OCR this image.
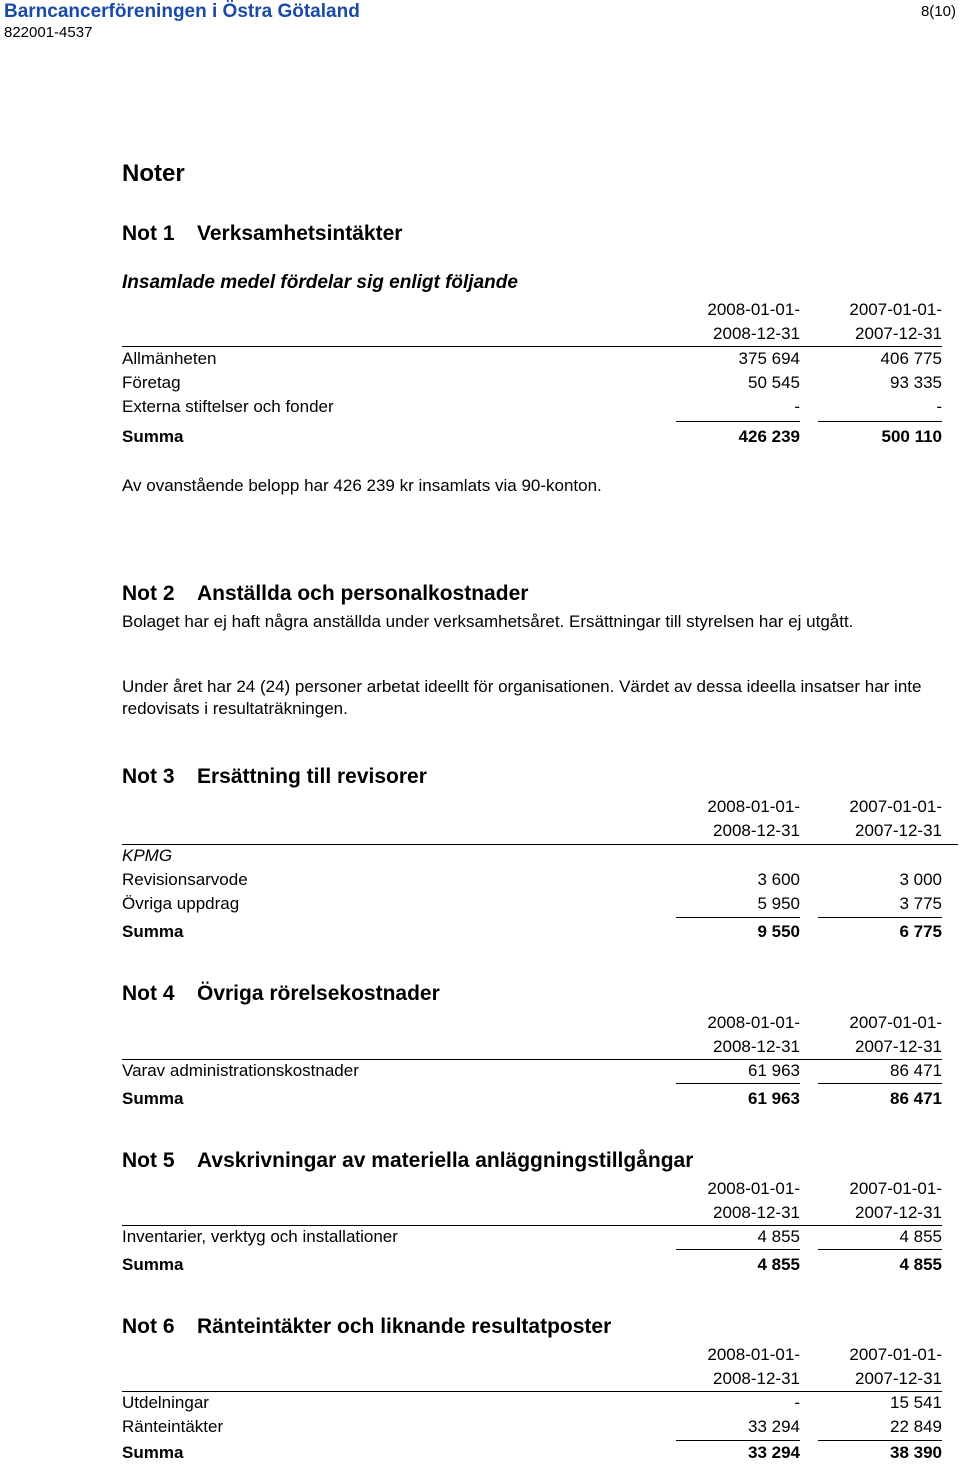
Barncancerföreningen i Östra Götaland
822001-4537
8(10)
Noter
Not 1 Verksamhetsintäkter
Insamlade medel fördelar sig enligt följande
2008-01-01-	2007-01-01-
2008-12-31	2007-12-31
Allmänheten	375 694	406 775
Företag	50 545	93 335
Externa stiftelser och fonder	-	-
Summa	426 239	500 110
Av ovanstående belopp har 426 239 kr insamlats via 90-konton.
Not 2 Anställda och personalkostnader
Bolaget har ej haft några anställda under verksamhetsåret. Ersättningar till styrelsen har ej utgått.
Under året har 24 (24) personer arbetat ideellt för organisationen. Värdet av dessa ideella insatser har inte redovisats i resultaträkningen.
Not 3 Ersättning till revisorer
2008-01-01-	2007-01-01-
2008-12-31	2007-12-31
KPMG
Revisionsarvode	3 600	3 000
Övriga uppdrag	5 950	3 775
Summa	9 550	6 775
Not 4 Övriga rörelsekostnader
2008-01-01-	2007-01-01-
2008-12-31	2007-12-31
Varav administrationskostnader	61 963	86 471
Summa	61 963	86 471
Not 5 Avskrivningar av materiella anläggningstillgångar
2008-01-01-	2007-01-01-
2008-12-31	2007-12-31
Inventarier, verktyg och installationer	4 855	4 855
Summa	4 855	4 855
Not 6 Ränteintäkter och liknande resultatposter
2008-01-01-	2007-01-01-
2008-12-31	2007-12-31
Utdelningar	-	15 541
Ränteintäkter	33 294	22 849
Summa	33 294	38 390
